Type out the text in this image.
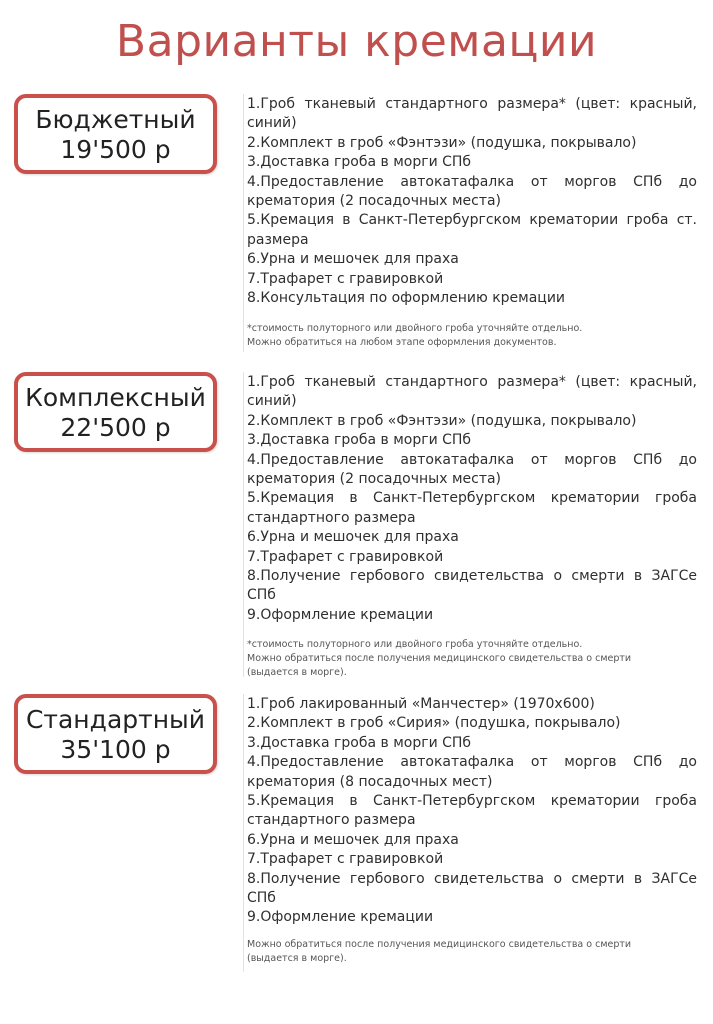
Варианты кремации
Бюджетный
19'500 р
1.Гроб тканевый стандартного размера* (цвет: красный, синий)
2.Комплект в гроб «Фэнтэзи» (подушка, покрывало)
3.Доставка гроба в морги СПб
4.Предоставление автокатафалка от моргов СПб до крематория (2 посадочных места)
5.Кремация в Санкт-Петербургском крематории гроба ст. размера
6.Урна и мешочек для праха
7.Трафарет с гравировкой
8.Консультация по оформлению кремации
*стоимость полуторного или двойного гроба уточняйте отдельно.
Можно обратиться на любом этапе оформления документов.
Комплексный
22'500 р
1.Гроб тканевый стандартного размера* (цвет: красный, синий)
2.Комплект в гроб «Фэнтэзи» (подушка, покрывало)
3.Доставка гроба в морги СПб
4.Предоставление автокатафалка от моргов СПб до крематория (2 посадочных места)
5.Кремация в Санкт-Петербургском крематории гроба стандартного размера
6.Урна и мешочек для праха
7.Трафарет с гравировкой
8.Получение гербового свидетельства о смерти в ЗАГСе СПб
9.Оформление кремации
*стоимость полуторного или двойного гроба уточняйте отдельно.
Можно обратиться после получения медицинского свидетельства о смерти
(выдается в морге).
Стандартный
35'100 р
1.Гроб лакированный «Манчестер» (1970х600)
2.Комплект в гроб «Сирия» (подушка, покрывало)
3.Доставка гроба в морги СПб
4.Предоставление автокатафалка от моргов СПб до крематория (8 посадочных мест)
5.Кремация в Санкт-Петербургском крематории гроба стандартного размера
6.Урна и мешочек для праха
7.Трафарет с гравировкой
8.Получение гербового свидетельства о смерти в ЗАГСе СПб
9.Оформление кремации
Можно обратиться после получения медицинского свидетельства о смерти
(выдается в морге).
